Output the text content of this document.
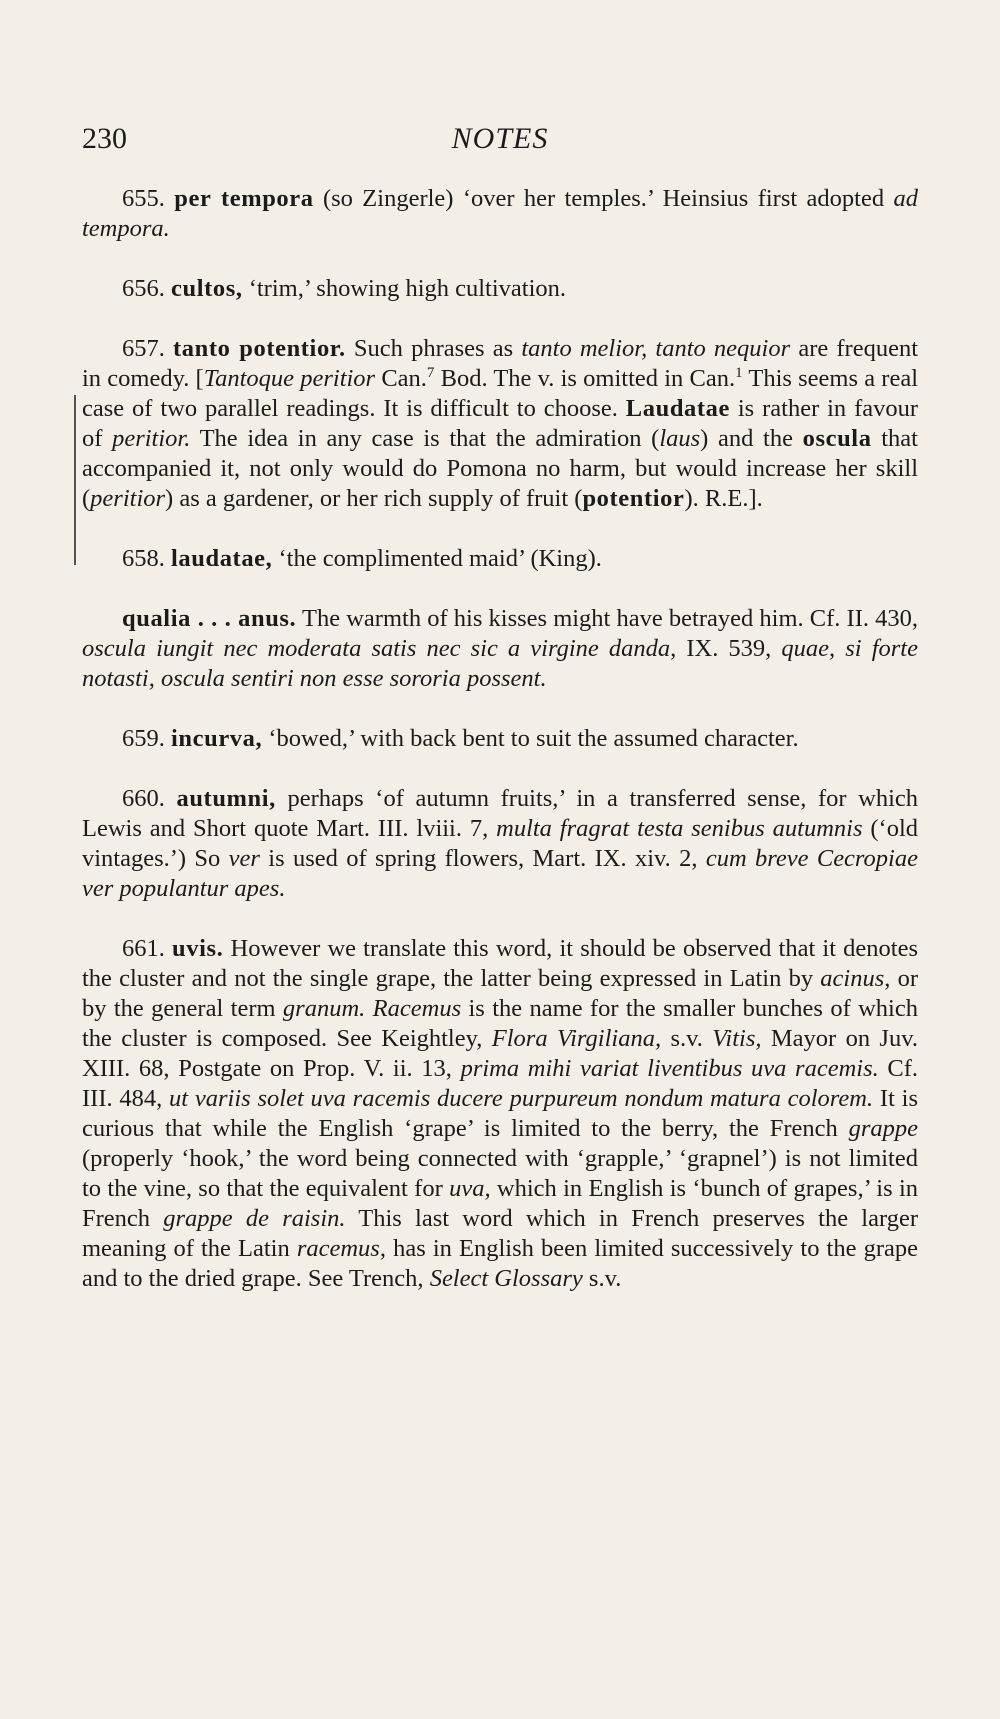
230	NOTES

655. per tempora (so Zingerle) ‘over her temples.’ Heinsius first adopted ad tempora.

656. cultos, ‘trim,’ showing high cultivation.

657. tanto potentior. Such phrases as tanto melior, tanto nequior are frequent in comedy. [Tantoque peritior Can.$^7$ Bod. The v. is omitted in Can.$^1$ This seems a real case of two parallel readings. It is difficult to choose. Laudatae is rather in favour of peritior. The idea in any case is that the admiration (laus) and the oscula that accompanied it, not only would do Pomona no harm, but would increase her skill (peritior) as a gardener, or her rich supply of fruit (potentior). R.E.].

658. laudatae, ‘the complimented maid’ (King).

qualia . . . anus. The warmth of his kisses might have betrayed him. Cf. II. 430, oscula iungit nec moderata satis nec sic a virgine danda, IX. 539, quae, si forte notasti, oscula sentiri non esse sororia possent.

659. incurva, ‘bowed,’ with back bent to suit the assumed character.

660. autumni, perhaps ‘of autumn fruits,’ in a transferred sense, for which Lewis and Short quote Mart. III. lviii. 7, multa fragrat testa senibus autumnis (‘old vintages.’) So ver is used of spring flowers, Mart. IX. xiv. 2, cum breve Cecropiae ver populantur apes.

661. uvis. However we translate this word, it should be observed that it denotes the cluster and not the single grape, the latter being expressed in Latin by acinus, or by the general term granum. Racemus is the name for the smaller bunches of which the cluster is composed. See Keightley, Flora Virgiliana, s.v. Vitis, Mayor on Juv. XIII. 68, Postgate on Prop. V. ii. 13, prima mihi variat liventibus uva racemis. Cf. III. 484, ut variis solet uva racemis ducere purpureum nondum matura colorem. It is curious that while the English ‘grape’ is limited to the berry, the French grappe (properly ‘hook,’ the word being connected with ‘grapple,’ ‘grapnel’) is not limited to the vine, so that the equivalent for uva, which in English is ‘bunch of grapes,’ is in French grappe de raisin. This last word which in French preserves the larger meaning of the Latin racemus, has in English been limited successively to the grape and to the dried grape. See Trench, Select Glossary s.v.
